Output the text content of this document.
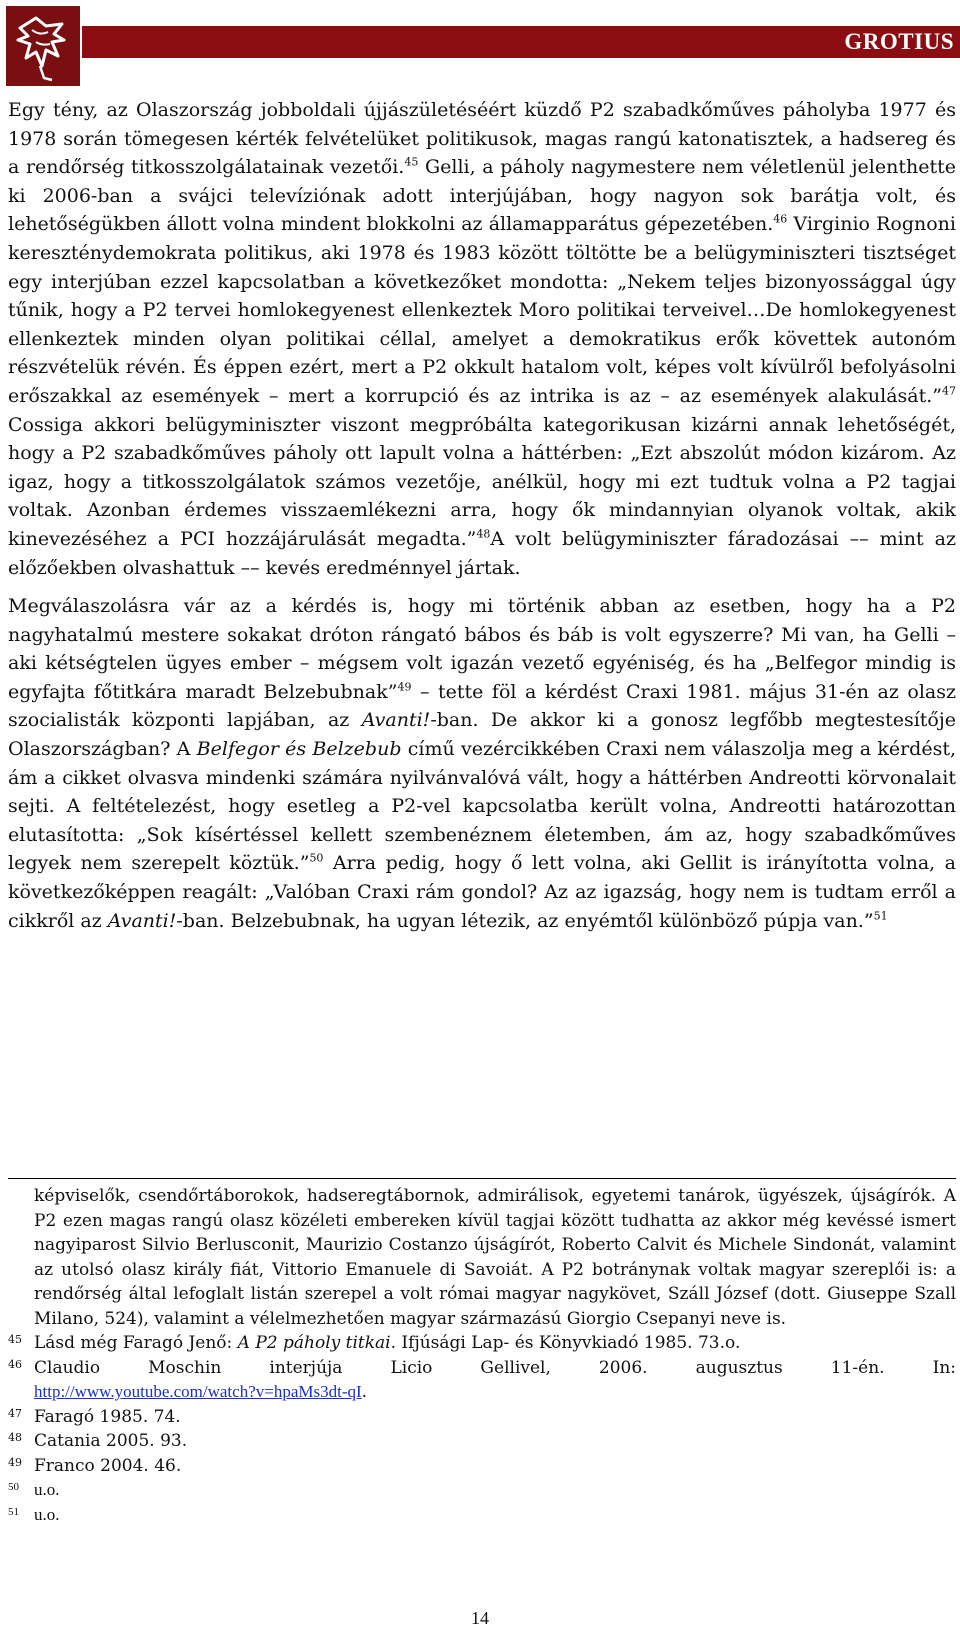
GROTIUS

Egy tény, az Olaszország jobboldali újjászületéséért küzdő P2 szabadkőműves páholyba 1977 és 1978 során tömegesen kérték felvételüket politikusok, magas rangú katonatisztek, a hadsereg és a rendőrség titkosszolgálatainak vezetői.$^{45}$ Gelli, a páholy nagymestere nem véletlenül jelenthette ki 2006-ban a svájci televíziónak adott interjújában, hogy nagyon sok barátja volt, és lehetőségükben állott volna mindent blokkolni az államapparátus gépezetében.$^{46}$ Virginio Rognoni kereszténydemokrata politikus, aki 1978 és 1983 között töltötte be a belügyminiszteri tisztséget egy interjúban ezzel kapcsolatban a következőket mondotta: „Nekem teljes bizonyossággal úgy tűnik, hogy a P2 tervei homlokegyenest ellenkeztek Moro politikai terveivel…De homlokegyenest ellenkeztek minden olyan politikai céllal, amelyet a demokratikus erők követtek autonóm részvételük révén. És éppen ezért, mert a P2 okkult hatalom volt, képes volt kívülről befolyásolni erőszakkal az események – mert a korrupció és az intrika is az – az események alakulását.”$^{47}$ Cossiga akkori belügyminiszter viszont megpróbálta kategorikusan kizárni annak lehetőségét, hogy a P2 szabadkőműves páholy ott lapult volna a háttérben: „Ezt abszolút módon kizárom. Az igaz, hogy a titkosszolgálatok számos vezetője, anélkül, hogy mi ezt tudtuk volna a P2 tagjai voltak. Azonban érdemes visszaemlékezni arra, hogy ők mindannyian olyanok voltak, akik kinevezéséhez a PCI hozzájárulását megadta.”$^{48}$A volt belügyminiszter fáradozásai –– mint az előzőekben olvashattuk –– kevés eredménnyel jártak.

Megválaszolásra vár az a kérdés is, hogy mi történik abban az esetben, hogy ha a P2 nagyhatalmú mestere sokakat dróton rángató bábos és báb is volt egyszerre? Mi van, ha Gelli – aki kétségtelen ügyes ember – mégsem volt igazán vezető egyéniség, és ha „Belfegor mindig is egyfajta főtitkára maradt Belzebubnak”$^{49}$ – tette föl a kérdést Craxi 1981. május 31-én az olasz szocialisták központi lapjában, az Avanti!-ban. De akkor ki a gonosz legfőbb megtestesítője Olaszországban? A Belfegor és Belzebub című vezércikkében Craxi nem válaszolja meg a kérdést, ám a cikket olvasva mindenki számára nyilvánvalóvá vált, hogy a háttérben Andreotti körvonalait sejti. A feltételezést, hogy esetleg a P2-vel kapcsolatba került volna, Andreotti határozottan elutasította: „Sok kísértéssel kellett szembenéznem életemben, ám az, hogy szabadkőműves legyek nem szerepelt köztük.”$^{50}$ Arra pedig, hogy ő lett volna, aki Gellit is irányította volna, a következőképpen reagált: „Valóban Craxi rám gondol? Az az igazság, hogy nem is tudtam erről a cikkről az Avanti!-ban. Belzebubnak, ha ugyan létezik, az enyémtől különböző púpja van.”$^{51}$

képviselők, csendőrtáborokok, hadseregtábornok, admirálisok, egyetemi tanárok, ügyészek, újságírók. A P2 ezen magas rangú olasz közéleti embereken kívül tagjai között tudhatta az akkor még kevéssé ismert nagyiparost Silvio Berlusconit, Maurizio Costanzo újságírót, Roberto Calvit és Michele Sindonát, valamint az utolsó olasz király fiát, Vittorio Emanuele di Savoiát. A P2 botránynak voltak magyar szereplői is: a rendőrség által lefoglalt listán szerepel a volt római magyar nagykövet, Száll József (dott. Giuseppe Szall Milano, 524), valamint a vélelmezhetően magyar származású Giorgio Csepanyi neve is.
45 Lásd még Faragó Jenő: A P2 páholy titkai. Ifjúsági Lap- és Könyvkiadó 1985. 73.o.
46 Claudio Moschin interjúja Licio Gellivel, 2006. augusztus 11-én. In:
http://www.youtube.com/watch?v=hpaMs3dt-qI.
47 Faragó 1985. 74.
48 Catania 2005. 93.
49 Franco 2004. 46.
50 u.o.
51 u.o.
14
